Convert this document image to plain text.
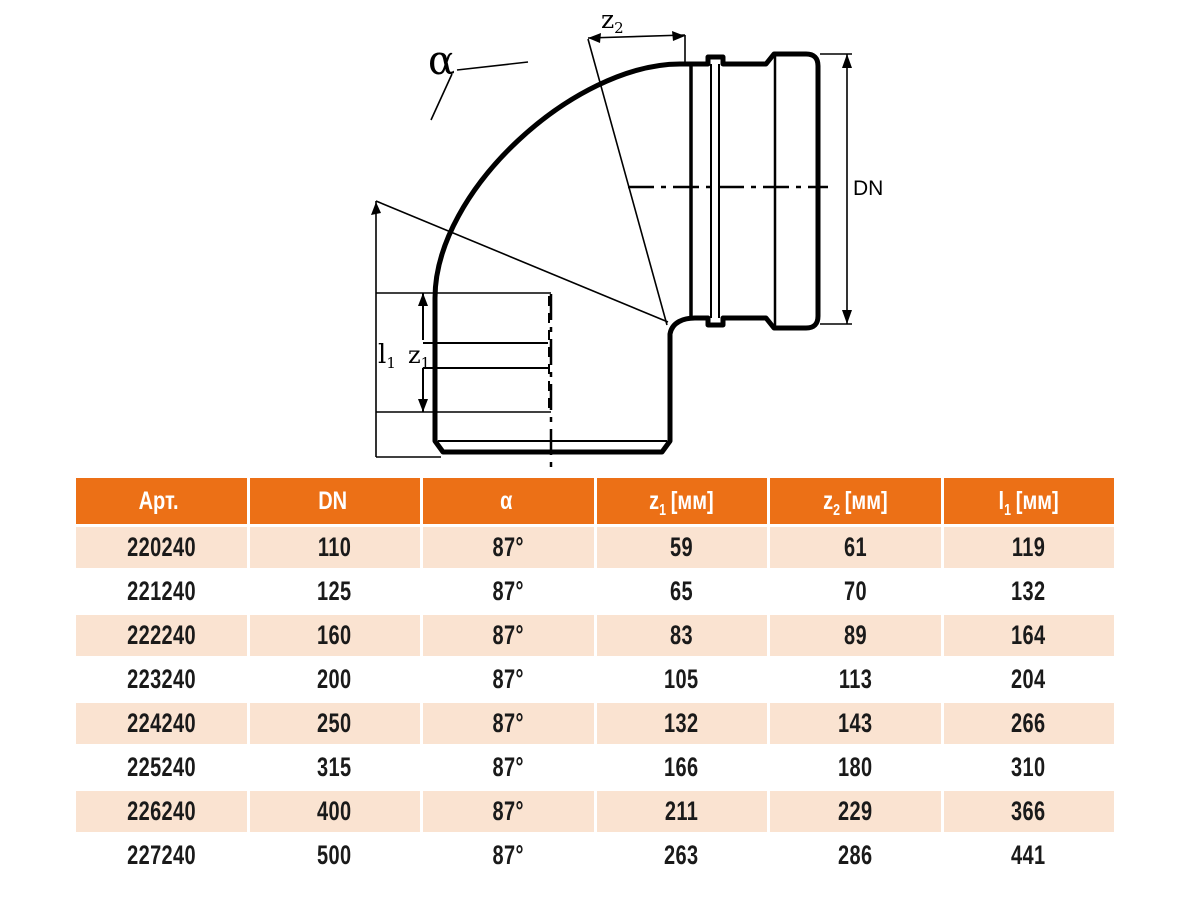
$z_2$
α
DN
l1 $z_1$
Арт.	DN	α	$z_1$ [мм]	$z_2$ [мм]	$l_1$ [мм]
220240	110	87°	59	61	119
221240	125	87°	65	70	132
222240	160	87°	83	89	164
223240	200	87°	105	113	204
224240	250	87°	132	143	266
225240	315	87°	166	180	310
226240	400	87°	211	229	366
227240	500	87°	263	286	441
